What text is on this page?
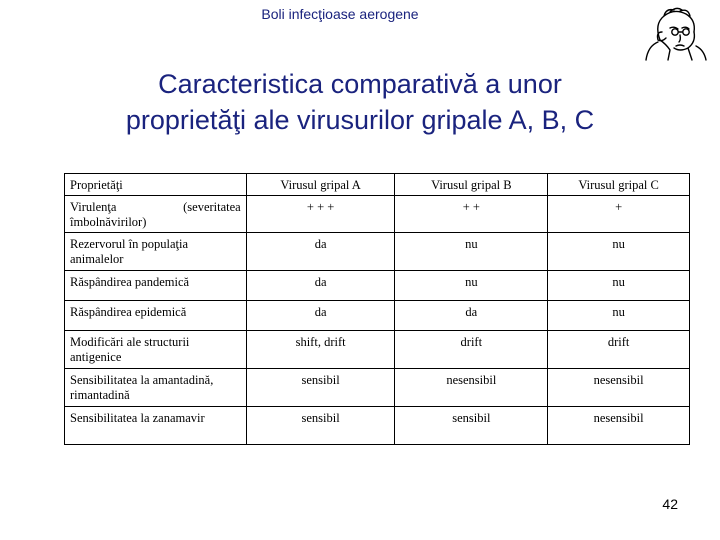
Boli infecţioase aerogene
Caracteristica comparativă a unor
proprietăţi ale virusurilor gripale A, B, C
Proprietăţi	Virusul gripal A	Virusul gripal B	Virusul gripal C
Virulenţa (severitatea îmbolnăvirilor)	+ + +	+ +	+
Rezervorul în populaţia animalelor	da	nu	nu
Răspândirea pandemică	da	nu	nu
Răspândirea epidemică	da	da	nu
Modificări ale structurii antigenice	shift, drift	drift	drift
Sensibilitatea la amantadină, rimantadină	sensibil	nesensibil	nesensibil
Sensibilitatea la zanamavir	sensibil	sensibil	nesensibil
42
